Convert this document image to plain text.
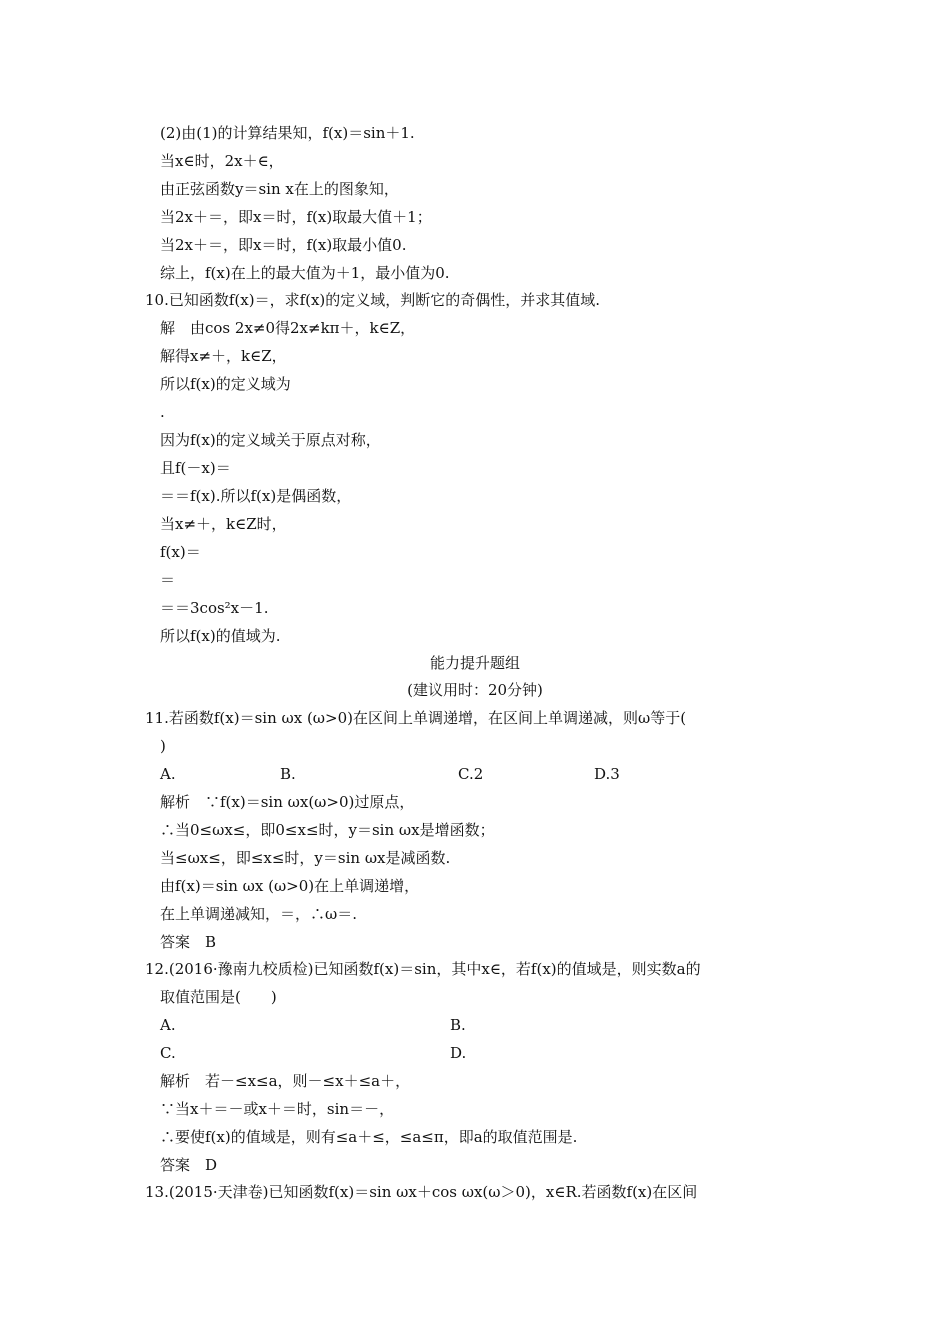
(2)由(1)的计算结果知，f(x)＝sin＋1.
当x∈时，2x＋∈，
由正弦函数y＝sin x在上的图象知，
当2x＋＝，即x＝时，f(x)取最大值＋1；
当2x＋＝，即x＝时，f(x)取最小值0.
综上，f(x)在上的最大值为＋1，最小值为0.
10.已知函数f(x)＝，求f(x)的定义域，判断它的奇偶性，并求其值域.
解　由cos 2x≠0得2x≠kπ＋，k∈Z，
解得x≠＋，k∈Z，
所以f(x)的定义域为
.
因为f(x)的定义域关于原点对称，
且f(－x)＝
＝＝f(x).所以f(x)是偶函数，
当x≠＋，k∈Z时，
f(x)＝
＝
＝＝3cos²x－1.
所以f(x)的值域为.
能力提升题组
(建议用时：20分钟)
11.若函数f(x)＝sin ωx (ω>0)在区间上单调递增，在区间上单调递减，则ω等于(
)
A.	B.	C.2	D.3
解析　∵f(x)＝sin ωx(ω>0)过原点，
∴当0≤ωx≤，即0≤x≤时，y＝sin ωx是增函数；
当≤ωx≤，即≤x≤时，y＝sin ωx是减函数.
由f(x)＝sin ωx (ω>0)在上单调递增，
在上单调递减知，＝，∴ω＝.
答案　B
12.(2016·豫南九校质检)已知函数f(x)＝sin，其中x∈，若f(x)的值域是，则实数a的
取值范围是(　　)
A.	B.
C.	D.
解析　若－≤x≤a，则－≤x＋≤a＋，
∵当x＋＝－或x＋＝时，sin＝－，
∴要使f(x)的值域是，则有≤a＋≤，≤a≤π，即a的取值范围是.
答案　D
13.(2015·天津卷)已知函数f(x)＝sin ωx＋cos ωx(ω＞0)，x∈R.若函数f(x)在区间
